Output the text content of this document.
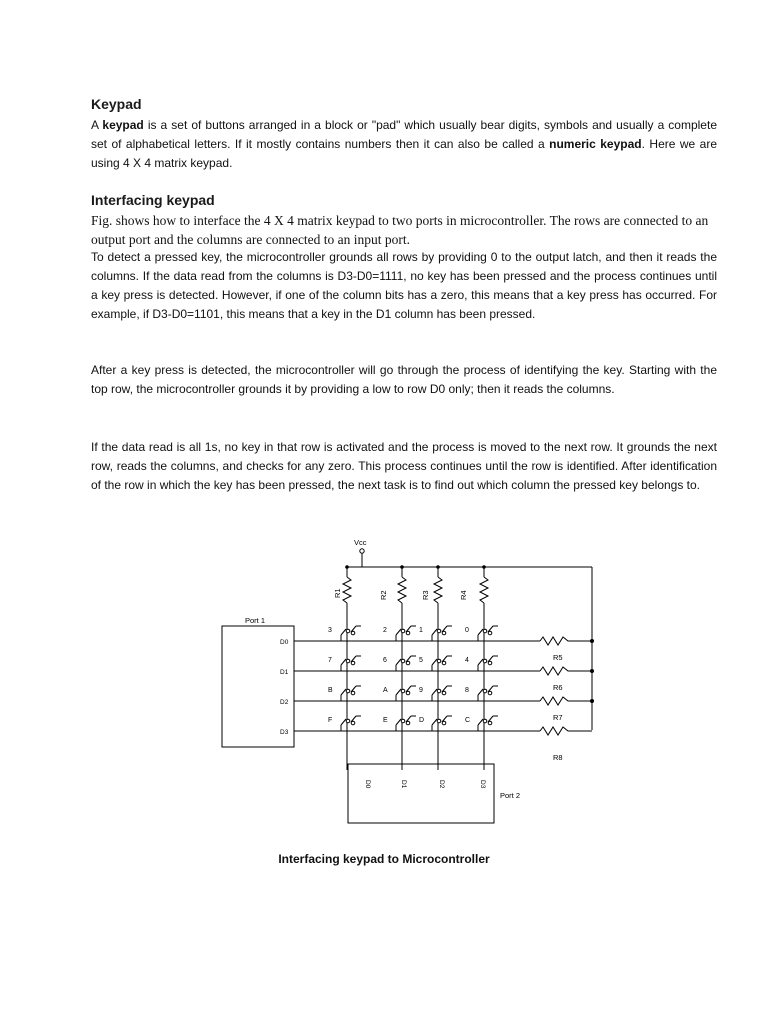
Keypad
A keypad is a set of buttons arranged in a block or "pad" which usually bear digits, symbols and usually a complete set of alphabetical letters. If it mostly contains numbers then it can also be called a numeric keypad. Here we are using 4 X 4 matrix keypad.
Interfacing keypad
Fig. shows how to interface the 4 X 4 matrix keypad to two ports in microcontroller. The rows are connected to an output port and the columns are connected to an input port.
To detect a pressed key, the microcontroller grounds all rows by providing 0 to the output latch, and then it reads the columns. If the data read from the columns is D3-D0=1111, no key has been pressed and the process continues until a key press is detected. However, if one of the column bits has a zero, this means that a key press has occurred. For example, if D3-D0=1101, this means that a key in the D1 column has been pressed.
After a key press is detected, the microcontroller will go through the process of identifying the key. Starting with the top row, the microcontroller grounds it by providing a low to row D0 only; then it reads the columns.
If the data read is all 1s, no key in that row is activated and the process is moved to the next row. It grounds the next row, reads the columns, and checks for any zero. This process continues until the row is identified. After identification of the row in which the key has been pressed, the next task is to find out which column the pressed key belongs to.
Vcc
Port 1
Port 2
D0
D1
D2
D3
R5
R6
R7
R8
R1	R2	R3	R4
D0	D1	D2	D3
3	2	1	0
7	6	5	4
B	A	9	8
F	E	D	C
Interfacing keypad to Microcontroller
